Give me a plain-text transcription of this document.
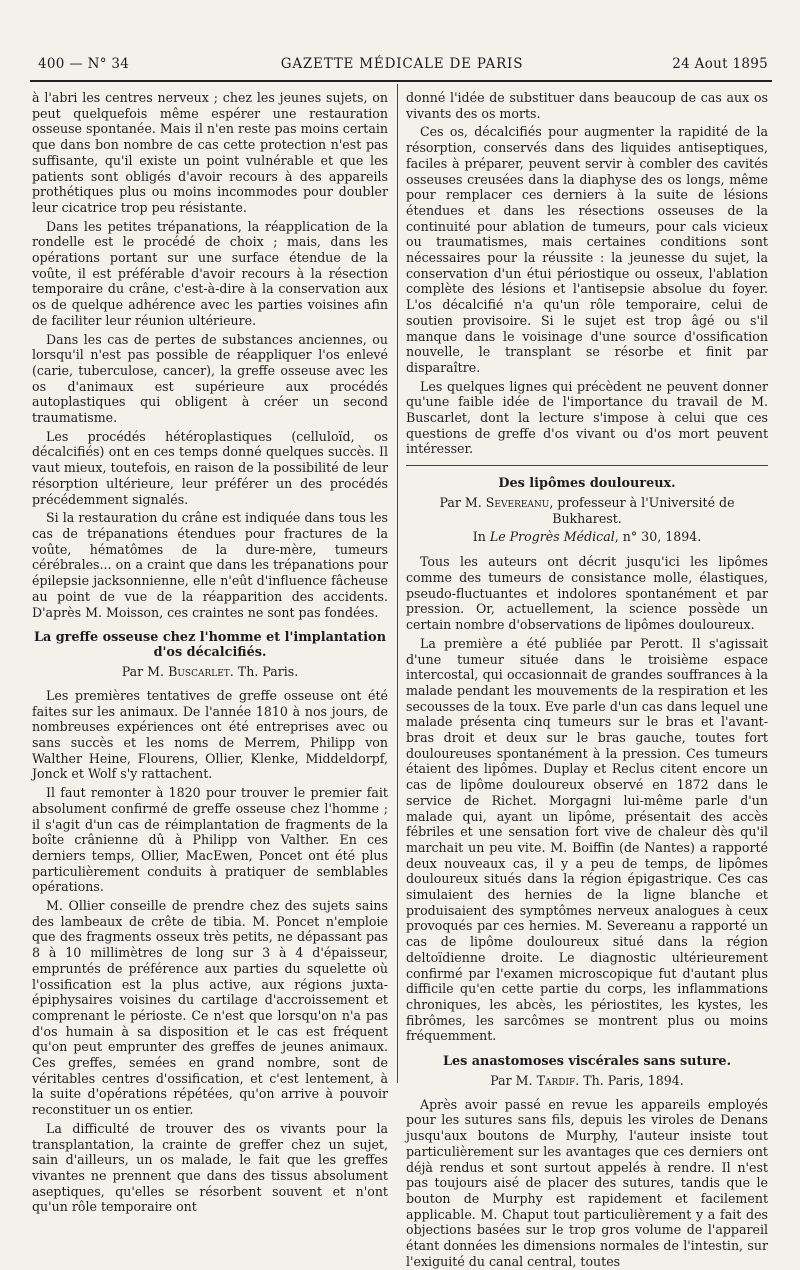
400 — N° 34	GAZETTE MÉDICALE DE PARIS	24 Aout 1895

à l'abri les centres nerveux ; chez les jeunes sujets, on peut quelquefois même espérer une restauration osseuse spontanée. Mais il n'en reste pas moins certain que dans bon nombre de cas cette protection n'est pas suffisante, qu'il existe un point vulnérable et que les patients sont obligés d'avoir recours à des appareils prothétiques plus ou moins incommodes pour doubler leur cicatrice trop peu résistante.

Dans les petites trépanations, la réapplication de la rondelle est le procédé de choix ; mais, dans les opérations portant sur une surface étendue de la voûte, il est préférable d'avoir recours à la résection temporaire du crâne, c'est-à-dire à la conservation aux os de quelque adhérence avec les parties voisines afin de faciliter leur réunion ultérieure.

Dans les cas de pertes de substances anciennes, ou lorsqu'il n'est pas possible de réappliquer l'os enlevé (carie, tuberculose, cancer), la greffe osseuse avec les os d'animaux est supérieure aux procédés autoplastiques qui obligent à créer un second traumatisme.

Les procédés hétéroplastiques (celluloïd, os décalcifiés) ont en ces temps donné quelques succès. Il vaut mieux, toutefois, en raison de la possibilité de leur résorption ultérieure, leur préférer un des procédés précédemment signalés.

Si la restauration du crâne est indiquée dans tous les cas de trépanations étendues pour fractures de la voûte, hématômes de la dure-mère, tumeurs cérébrales... on a craint que dans les trépanations pour épilepsie jacksonnienne, elle n'eût d'influence fâcheuse au point de vue de la réapparition des accidents. D'après M. Moisson, ces craintes ne sont pas fondées.

La greffe osseuse chez l'homme et l'implantation d'os décalcifiés.
Par M. Buscarlet. Th. Paris.

Les premières tentatives de greffe osseuse ont été faites sur les animaux. De l'année 1810 à nos jours, de nombreuses expériences ont été entreprises avec ou sans succès et les noms de Merrem, Philipp von Walther Heine, Flourens, Ollier, Klenke, Middeldorpf, Jonck et Wolf s'y rattachent.

Il faut remonter à 1820 pour trouver le premier fait absolument confirmé de greffe osseuse chez l'homme ; il s'agit d'un cas de réimplantation de fragments de la boîte crânienne dû à Philipp von Valther. En ces derniers temps, Ollier, MacEwen, Poncet ont été plus particulièrement conduits à pratiquer de semblables opérations.

M. Ollier conseille de prendre chez des sujets sains des lambeaux de crête de tibia. M. Poncet n'emploie que des fragments osseux très petits, ne dépassant pas 8 à 10 millimètres de long sur 3 à 4 d'épaisseur, empruntés de préférence aux parties du squelette où l'ossification est la plus active, aux régions juxta-épiphysaires voisines du cartilage d'accroissement et comprenant le périoste. Ce n'est que lorsqu'on n'a pas d'os humain à sa disposition et le cas est fréquent qu'on peut emprunter des greffes de jeunes animaux. Ces greffes, semées en grand nombre, sont de véritables centres d'ossification, et c'est lentement, à la suite d'opérations répétées, qu'on arrive à pouvoir reconstituer un os entier.

La difficulté de trouver des os vivants pour la transplantation, la crainte de greffer chez un sujet, sain d'ailleurs, un os malade, le fait que les greffes vivantes ne prennent que dans des tissus absolument aseptiques, qu'elles se résorbent souvent et n'ont qu'un rôle temporaire ont

donné l'idée de substituer dans beaucoup de cas aux os vivants des os morts.

Ces os, décalcifiés pour augmenter la rapidité de la résorption, conservés dans des liquides antiseptiques, faciles à préparer, peuvent servir à combler des cavités osseuses creusées dans la diaphyse des os longs, même pour remplacer ces derniers à la suite de lésions étendues et dans les résections osseuses de la continuité pour ablation de tumeurs, pour cals vicieux ou traumatismes, mais certaines conditions sont nécessaires pour la réussite : la jeunesse du sujet, la conservation d'un étui périostique ou osseux, l'ablation complète des lésions et l'antisepsie absolue du foyer. L'os décalcifié n'a qu'un rôle temporaire, celui de soutien provisoire. Si le sujet est trop âgé ou s'il manque dans le voisinage d'une source d'ossification nouvelle, le transplant se résorbe et finit par disparaître.

Les quelques lignes qui précèdent ne peuvent donner qu'une faible idée de l'importance du travail de M. Buscarlet, dont la lecture s'impose à celui que ces questions de greffe d'os vivant ou d'os mort peuvent intéresser.

Des lipômes douloureux.
Par M. Severeanu, professeur à l'Université de Bukharest.
In Le Progrès Médical, n° 30, 1894.

Tous les auteurs ont décrit jusqu'ici les lipômes comme des tumeurs de consistance molle, élastiques, pseudo-fluctuantes et indolores spontanément et par pression. Or, actuellement, la science possède un certain nombre d'observations de lipômes douloureux.

La première a été publiée par Perott. Il s'agissait d'une tumeur située dans le troisième espace intercostal, qui occasionnait de grandes souffrances à la malade pendant les mouvements de la respiration et les secousses de la toux. Eve parle d'un cas dans lequel une malade présenta cinq tumeurs sur le bras et l'avant-bras droit et deux sur le bras gauche, toutes fort douloureuses spontanément à la pression. Ces tumeurs étaient des lipômes. Duplay et Reclus citent encore un cas de lipôme douloureux observé en 1872 dans le service de Richet. Morgagni lui-même parle d'un malade qui, ayant un lipôme, présentait des accès fébriles et une sensation fort vive de chaleur dès qu'il marchait un peu vite. M. Boiffin (de Nantes) a rapporté deux nouveaux cas, il y a peu de temps, de lipômes douloureux situés dans la région épigastrique. Ces cas simulaient des hernies de la ligne blanche et produisaient des symptômes nerveux analogues à ceux provoqués par ces hernies. M. Severeanu a rapporté un cas de lipôme douloureux situé dans la région deltoïdienne droite. Le diagnostic ultérieurement confirmé par l'examen microscopique fut d'autant plus difficile qu'en cette partie du corps, les inflammations chroniques, les abcès, les périostites, les kystes, les fibrômes, les sarcômes se montrent plus ou moins fréquemment.

Les anastomoses viscérales sans suture.
Par M. Tardif. Th. Paris, 1894.

Après avoir passé en revue les appareils employés pour les sutures sans fils, depuis les viroles de Denans jusqu'aux boutons de Murphy, l'auteur insiste tout particulièrement sur les avantages que ces derniers ont déjà rendus et sont surtout appelés à rendre. Il n'est pas toujours aisé de placer des sutures, tandis que le bouton de Murphy est rapidement et facilement applicable. M. Chaput tout particulièrement y a fait des objections basées sur le trop gros volume de l'appareil étant données les dimensions normales de l'intestin, sur l'exiguité du canal central, toutes
